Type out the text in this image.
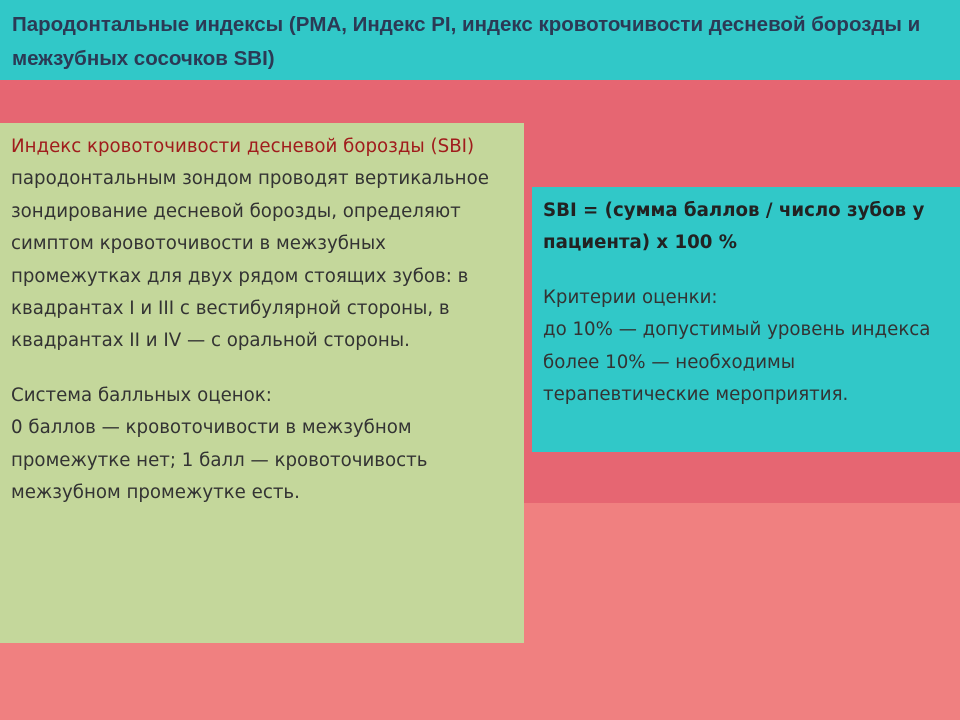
Пародонтальные индексы (PMA, Индекс PI, индекс кровоточивости десневой борозды и межзубных сосочков SBI)

Индекс кровоточивости десневой борозды (SBI)

пародонтальным зондом проводят вертикальное зондирование десневой борозды, определяют симптом кровоточивости в межзубных промежутках для двух рядом стоящих зубов: в квадрантах I и III с вестибулярной стороны, в квадрантах II и IV — с оральной стороны.

Система балльных оценок:

0 баллов — кровоточивости в межзубном промежутке нет; 1 балл — кровоточивость межзубном промежутке есть.

SBI = (сумма баллов / число зубов у пациента) х 100 %

Критерии оценки:

до 10% — допустимый уровень индекса

более 10% — необходимы терапевтические мероприятия.
